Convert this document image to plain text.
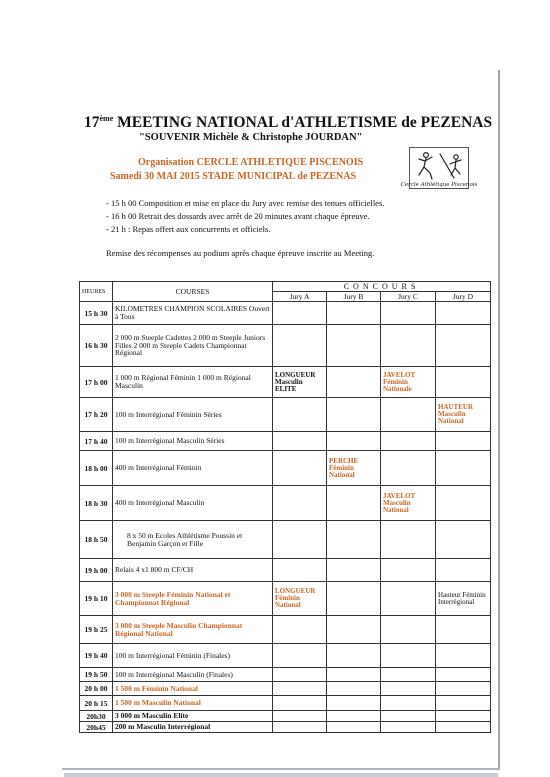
17ème MEETING NATIONAL d'ATHLETISME de PEZENAS
"SOUVENIR Michèle & Christophe JOURDAN"
Organisation CERCLE ATHLETIQUE PISCENOIS
Samedi 30 MAI 2015 STADE MUNICIPAL de PEZENAS
Cercle Athlétique Piscenois
- 15 h 00 Composition et mise en place du Jury avec remise des tenues officielles.
- 16 h 00 Retrait des dossards avec arrêt de 20 minutes avant chaque épreuve.
- 21 h : Repas offert aux concurrents et officiels.
Remise des récompenses au podium après chaque épreuve inscrite au Meeting.
HEURES	COURSES	CONCOURS			
		Jury A	Jury B	Jury C	Jury D
15 h 30	KILOMETRES CHAMPION SCOLAIRES Ouvert à Tous				
16 h 30	2 000 m Steeple Cadettes 2 000 m Steeple Juniors Filles 2 000 m Steeple Cadets Championnat Régional				
17 h 00	1 000 m Régional Féminin 1 000 m Régional Masculin	LONGUEUR Masculin ELITE		JAVELOT Féminin Nationale	
17 h 20	100 m Interrégional Féminin Séries				HAUTEUR Masculin National
17 h 40	100 m Interrégional Masculin Séries				
18 h 00	400 m Interrégional Féminin		PERCHE Féminin National		
18 h 30	400 m Interrégional Masculin			JAVELOT Masculin National	
18 h 50	8 x 50 m Ecoles Athlétisme Poussin et Benjamin Garçon et Fille				
19 h 00	Relais 4 x1 800 m CF/CH				
19 h 10	3 000 m Steeple Féminin National et Championnat Régional	LONGUEUR Féminin National			Hauteur Féminin Interrégional
19 h 25	3 000 m Steeple Masculin Championnat Régional National				
19 h 40	100 m Interrégional Féminin (Finales)				
19 h 50	100 m Interrégional Masculin (Finales)				
20 h 00	1 500 m Féminin National				
20 h 15	1 500 m Masculin National				
20h30	3 000 m Masculin Elite				
20h45	200 m Masculin Interrégional				
